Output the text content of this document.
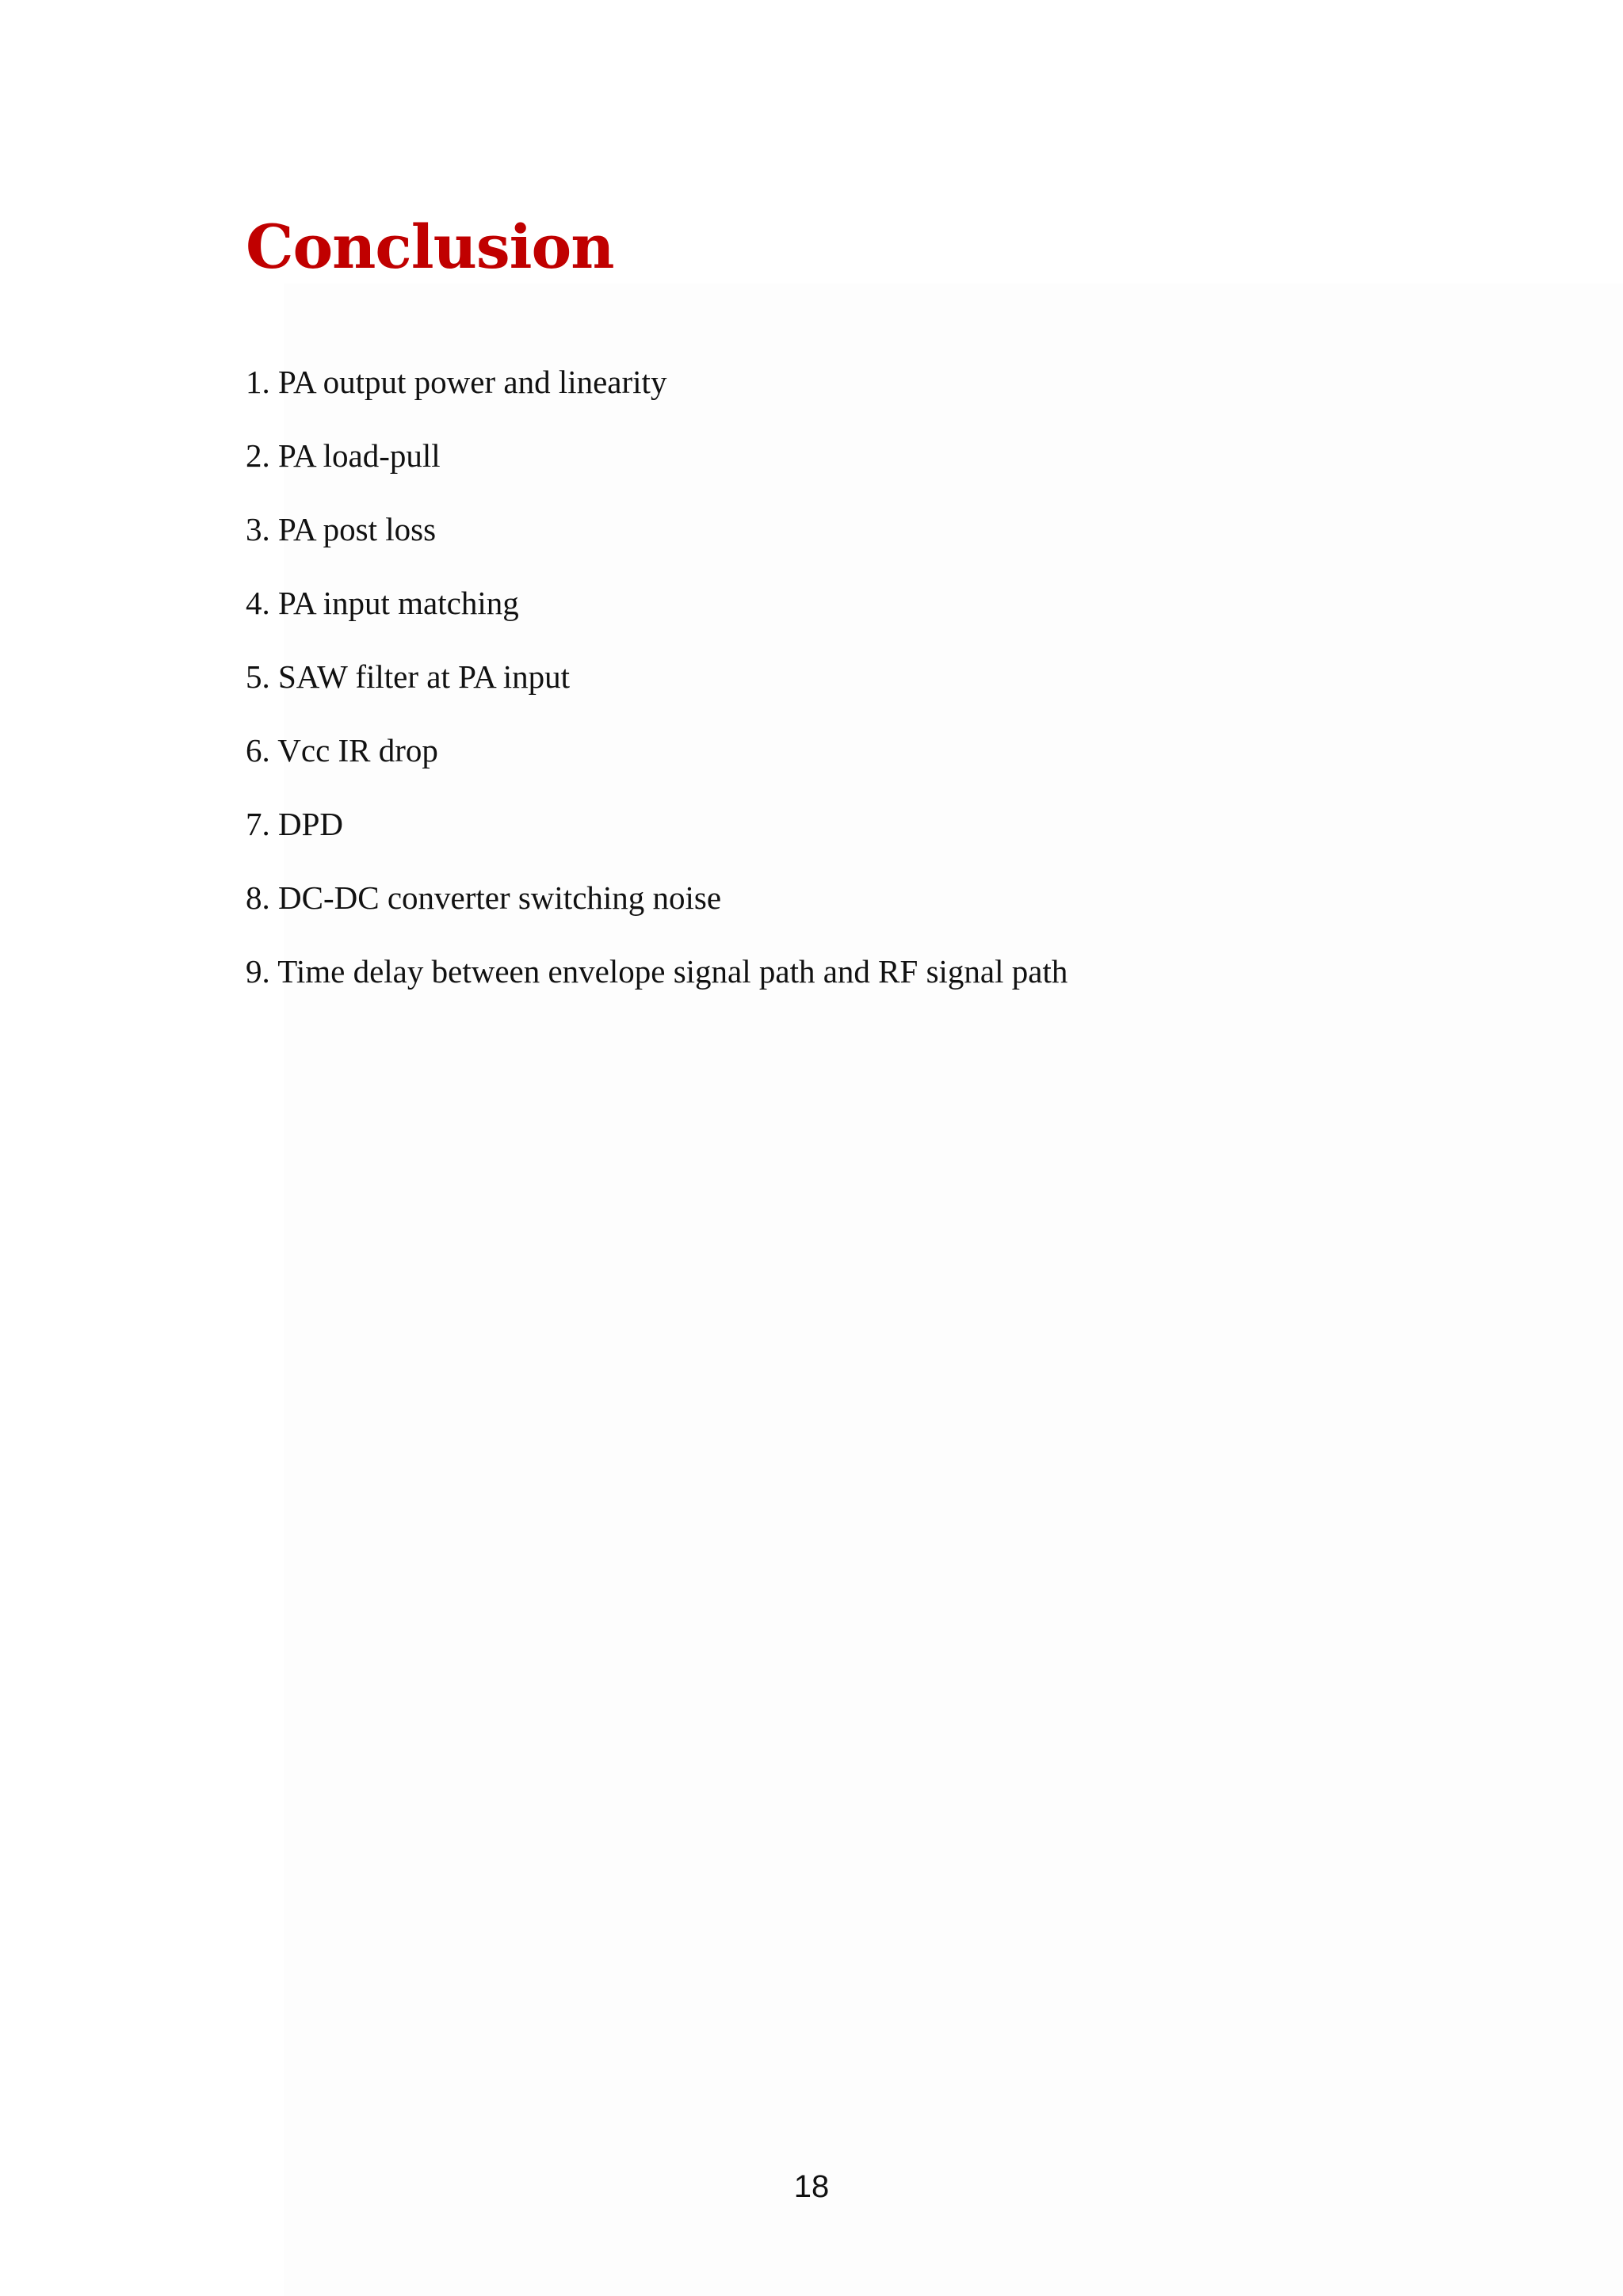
Conclusion
1. PA output power and linearity
2. PA load-pull
3. PA post loss
4. PA input matching
5. SAW filter at PA input
6. Vcc IR drop
7. DPD
8. DC-DC converter switching noise
9. Time delay between envelope signal path and RF signal path
18
